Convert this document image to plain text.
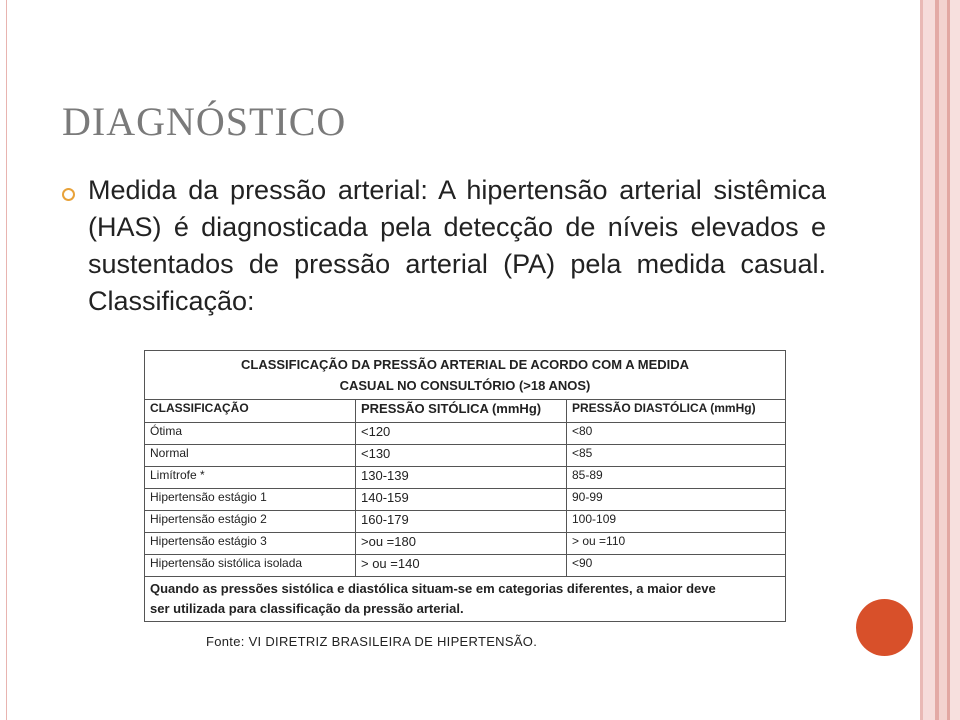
DIAGNÓSTICO
Medida da pressão arterial: A hipertensão arterial sistêmica (HAS) é diagnosticada pela detecção de níveis elevados e sustentados de pressão arterial (PA) pela medida casual. Classificação:
CLASSIFICAÇÃO DA PRESSÃO ARTERIAL DE ACORDO COM A MEDIDA
CASUAL NO CONSULTÓRIO (>18 ANOS)		

CLASSIFICAÇÃO	PRESSÃO SITÓLICA (mmHg)	PRESSÃO DIASTÓLICA (mmHg)
Ótima	<120	<80
Normal	<130	<85
Limítrofe *	130-139	85-89
Hipertensão estágio 1	140-159	90-99
Hipertensão estágio 2	160-179	100-109
Hipertensão estágio 3	>ou =180	> ou =110
Hipertensão sistólica isolada	> ou =140	<90

Quando as pressões sistólica e diastólica situam-se em categorias diferentes, a maior deve
ser utilizada para classificação da pressão arterial.		
Fonte: VI DIRETRIZ BRASILEIRA DE HIPERTENSÃO.
